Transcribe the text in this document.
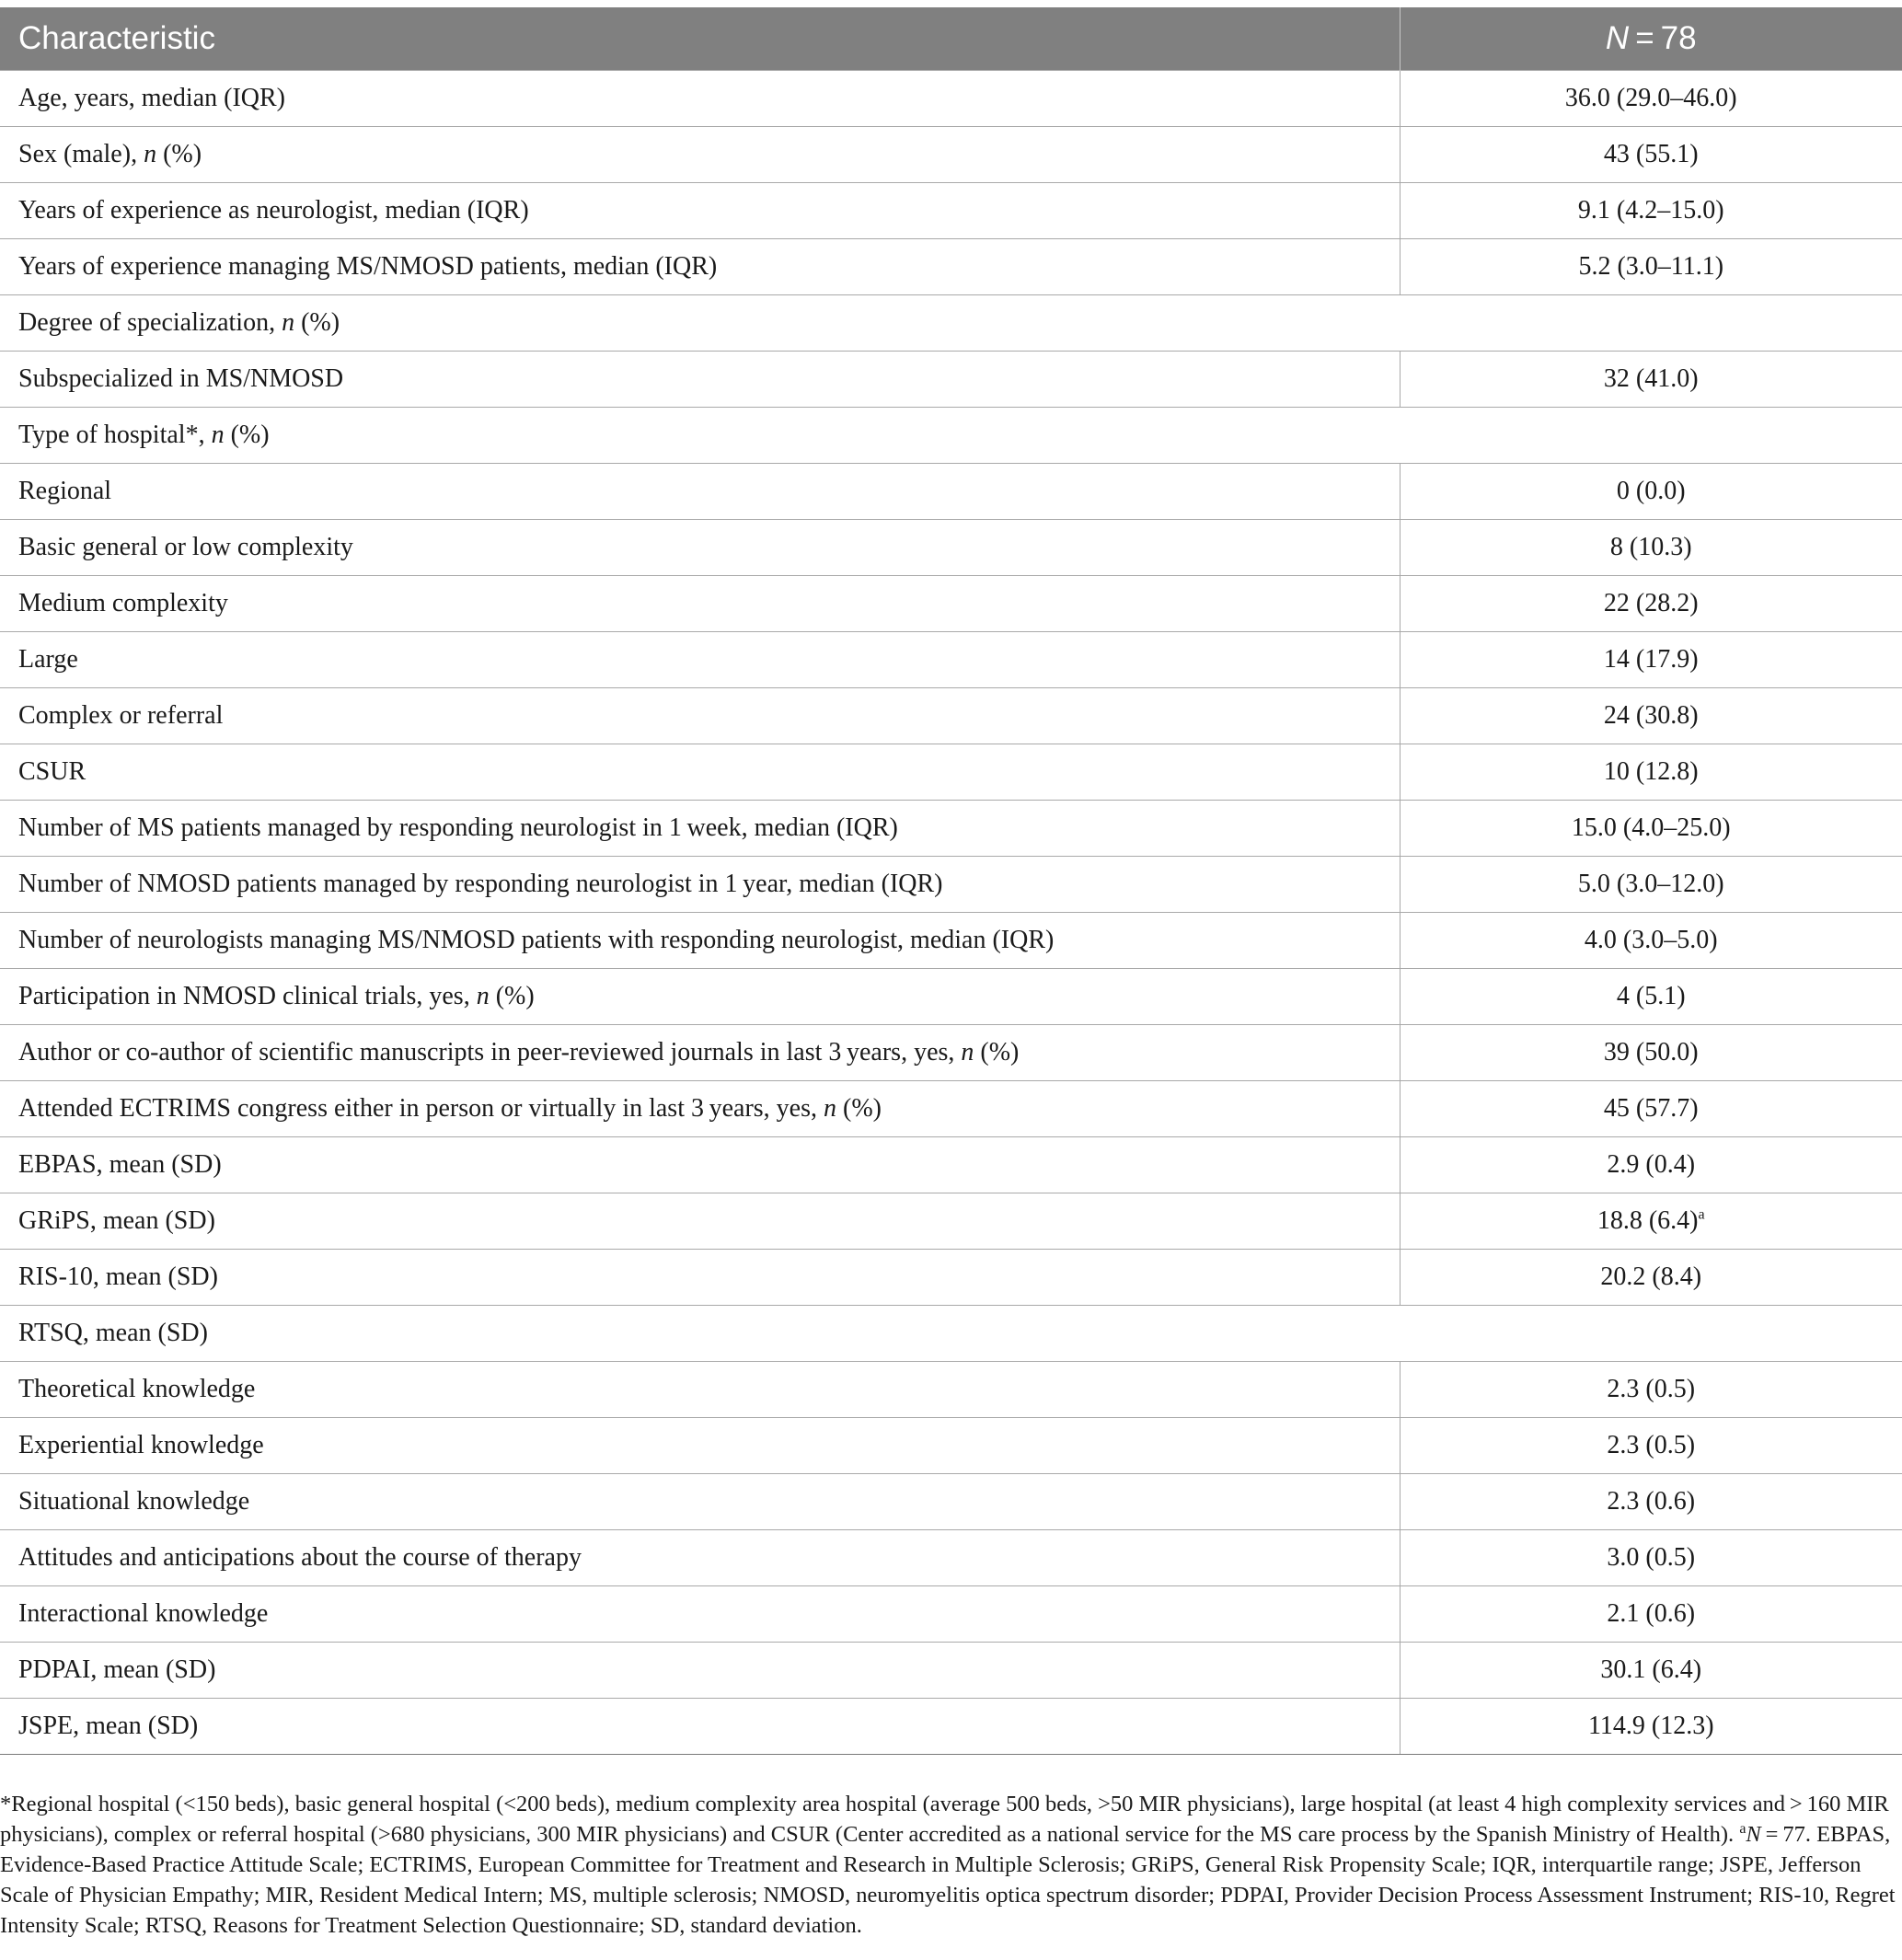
Characteristic	N = 78
Age, years, median (IQR)	36.0 (29.0–46.0)
Sex (male), n (%)	43 (55.1)
Years of experience as neurologist, median (IQR)	9.1 (4.2–15.0)
Years of experience managing MS/NMOSD patients, median (IQR)	5.2 (3.0–11.1)
Degree of specialization, n (%)	
Subspecialized in MS/NMOSD	32 (41.0)
Type of hospital*, n (%)	
Regional	0 (0.0)
Basic general or low complexity	8 (10.3)
Medium complexity	22 (28.2)
Large	14 (17.9)
Complex or referral	24 (30.8)
CSUR	10 (12.8)
Number of MS patients managed by responding neurologist in 1 week, median (IQR)	15.0 (4.0–25.0)
Number of NMOSD patients managed by responding neurologist in 1 year, median (IQR)	5.0 (3.0–12.0)
Number of neurologists managing MS/NMOSD patients with responding neurologist, median (IQR)	4.0 (3.0–5.0)
Participation in NMOSD clinical trials, yes, n (%)	4 (5.1)
Author or co-author of scientific manuscripts in peer-reviewed journals in last 3 years, yes, n (%)	39 (50.0)
Attended ECTRIMS congress either in person or virtually in last 3 years, yes, n (%)	45 (57.7)
EBPAS, mean (SD)	2.9 (0.4)
GRiPS, mean (SD)	18.8 $(6.4)^a$
RIS-10, mean (SD)	20.2 (8.4)
RTSQ, mean (SD)	
Theoretical knowledge	2.3 (0.5)
Experiential knowledge	2.3 (0.5)
Situational knowledge	2.3 (0.6)
Attitudes and anticipations about the course of therapy	3.0 (0.5)
Interactional knowledge	2.1 (0.6)
PDPAI, mean (SD)	30.1 (6.4)
JSPE, mean (SD)	114.9 (12.3)

*Regional hospital (<150 beds), basic general hospital (<200 beds), medium complexity area hospital (average 500 beds, >50 MIR physicians), large hospital (at least 4 high complexity services and > 160 MIR physicians), complex or referral hospital (>680 physicians, 300 MIR physicians) and CSUR (Center accredited as a national service for the MS care process by the Spanish Ministry of Health). $^a$N = 77. EBPAS, Evidence-Based Practice Attitude Scale; ECTRIMS, European Committee for Treatment and Research in Multiple Sclerosis; GRiPS, General Risk Propensity Scale; IQR, interquartile range; JSPE, Jefferson Scale of Physician Empathy; MIR, Resident Medical Intern; MS, multiple sclerosis; NMOSD, neuromyelitis optica spectrum disorder; PDPAI, Provider Decision Process Assessment Instrument; RIS-10, Regret Intensity Scale; RTSQ, Reasons for Treatment Selection Questionnaire; SD, standard deviation.
